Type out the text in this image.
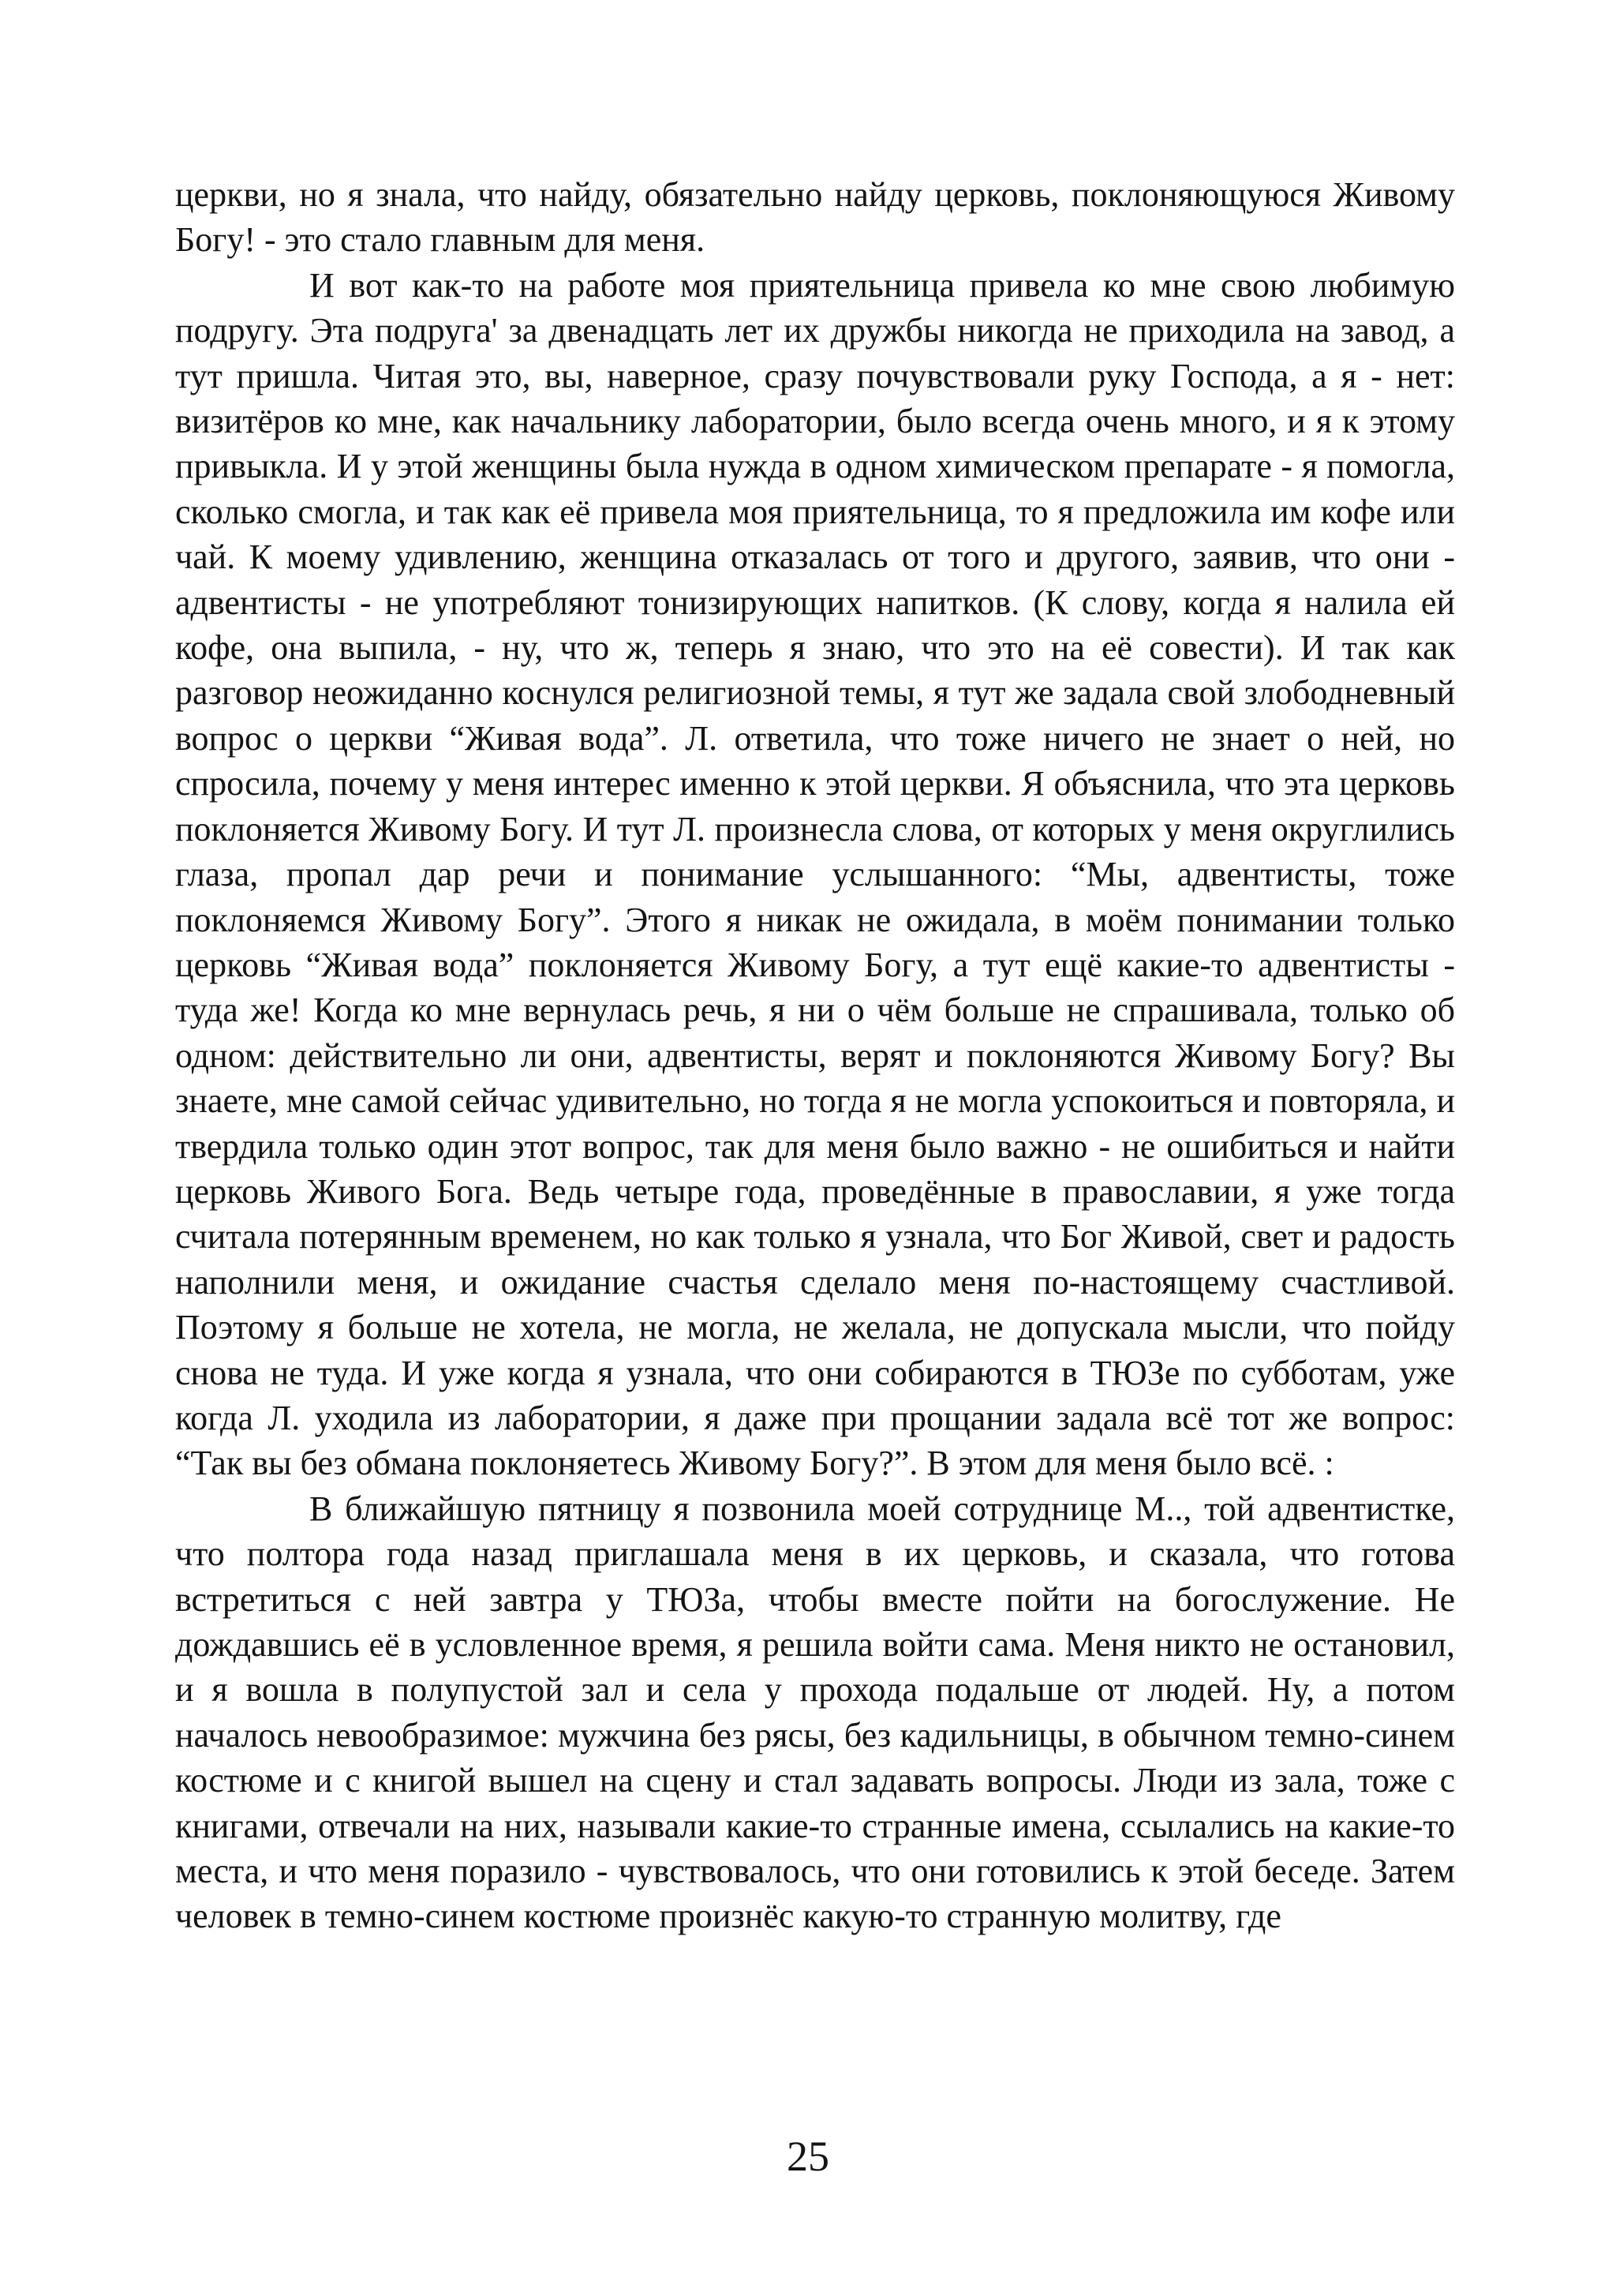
церкви, но я знала, что найду, обязательно найду церковь, поклоняющуюся Живому Богу! - это стало главным для меня.

И вот как-то на работе моя приятельница привела ко мне свою любимую подругу. Эта подруга' за двенадцать лет их дружбы никогда не приходила на завод, а тут пришла. Читая это, вы, наверное, сразу почувствовали руку Господа, а я - нет: визитёров ко мне, как начальнику лаборатории, было всегда очень много, и я к этому привыкла. И у этой женщины была нужда в одном химическом препарате - я помогла, сколько смогла, и так как её привела моя приятельница, то я предложила им кофе или чай. К моему удивлению, женщина отказалась от того и другого, заявив, что они - адвентисты - не употребляют тонизирующих напитков. (К слову, когда я налила ей кофе, она выпила, - ну, что ж, теперь я знаю, что это на её совести). И так как разговор неожиданно коснулся религиозной темы, я тут же задала свой злободневный вопрос о церкви “Живая вода”. Л. ответила, что тоже ничего не знает о ней, но спросила, почему у меня интерес именно к этой церкви. Я объяснила, что эта церковь поклоняется Живому Богу. И тут Л. произнесла слова, от которых у меня округлились глаза, пропал дар речи и понимание услышанного: “Мы, адвентисты, тоже поклоняемся Живому Богу”. Этого я никак не ожидала, в моём понимании только церковь “Живая вода” поклоняется Живому Богу, а тут ещё какие-то адвентисты - туда же! Когда ко мне вернулась речь, я ни о чём больше не спрашивала, только об одном: действительно ли они, адвентисты, верят и поклоняются Живому Богу? Вы знаете, мне самой сейчас удивительно, но тогда я не могла успокоиться и повторяла, и твердила только один этот вопрос, так для меня было важно - не ошибиться и найти церковь Живого Бога. Ведь четыре года, проведённые в православии, я уже тогда считала потерянным временем, но как только я узнала, что Бог Живой, свет и радость наполнили меня, и ожидание счастья сделало меня по-настоящему счастливой. Поэтому я больше не хотела, не могла, не желала, не допускала мысли, что пойду снова не туда. И уже когда я узнала, что они собираются в ТЮЗе по субботам, уже когда Л. уходила из лаборатории, я даже при прощании задала всё тот же вопрос: “Так вы без обмана поклоняетесь Живому Богу?”. В этом для меня было всё. :

В ближайшую пятницу я позвонила моей сотруднице М.., той адвентистке, что полтора года назад приглашала меня в их церковь, и сказала, что готова встретиться с ней завтра у ТЮЗа, чтобы вместе пойти на богослужение. Не дождавшись её в условленное время, я решила войти сама. Меня никто не остановил, и я вошла в полупустой зал и села у прохода подальше от людей. Ну, а потом началось невообразимое: мужчина без рясы, без кадильницы, в обычном темно-синем костюме и с книгой вышел на сцену и стал задавать вопросы. Люди из зала, тоже с книгами, отвечали на них, называли какие-то странные имена, ссылались на какие-то места, и что меня поразило - чувствовалось, что они готовились к этой беседе. Затем человек в темно-синем костюме произнёс какую-то странную молитву, где

25
